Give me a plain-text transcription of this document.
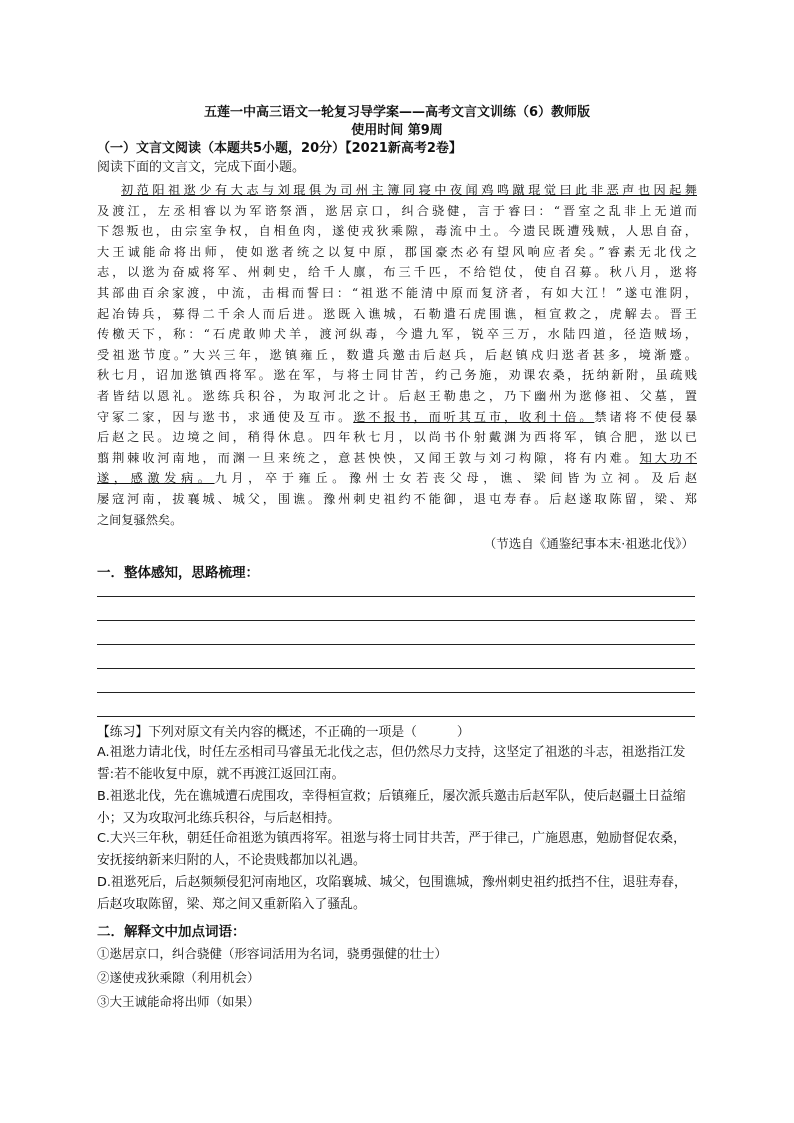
五莲一中高三语文一轮复习导学案——高考文言文训练（6）教师版
使用时间 第9周
（一）文言文阅读（本题共5小题，20分）【2021新高考2卷】
阅读下面的文言文，完成下面小题。
初范阳祖逖少有大志与刘琨俱为司州主簿同寝中夜闻鸡鸣蹴琨觉曰此非恶声也因起舞
及渡江，左丞相睿以为军谘祭酒，逖居京口，纠合骁健，言于睿曰：“晋室之乱非上无道而
下怨叛也，由宗室争权，自相鱼肉，遂使戎狄乘隙，毒流中土。今遗民既遭残贼，人思自奋，
大王诚能命将出师，使如逖者统之以复中原，郡国豪杰必有望风响应者矣。”睿素无北伐之
志，以逖为奋威将军、州刺史，给千人廪，布三千匹，不给铠仗，使自召募。秋八月，逖将
其部曲百余家渡，中流，击楫而誓曰：“祖逖不能清中原而复济者，有如大江！”遂屯淮阴，
起冶铸兵，募得二千余人而后进。逖既入谯城，石勒遣石虎围谯，桓宣救之，虎解去。晋王
传檄天下，称：“石虎敢帅犬羊，渡河纵毒，今遣九军，锐卒三万，水陆四道，径造贼场，
受祖逖节度。”大兴三年，逖镇雍丘，数遣兵邀击后赵兵，后赵镇戍归逖者甚多，境渐蹙。
秋七月，诏加逖镇西将军。逖在军，与将士同甘苦，约己务施，劝课农桑，抚纳新附，虽疏贱
者皆结以恩礼。逖练兵积谷，为取河北之计。后赵王勒患之，乃下幽州为逖修祖、父墓，置
守冢二家，因与逖书，求通使及互市。逖不报书，而听其互市，收利十倍。禁诸将不使侵暴
后赵之民。边境之间，稍得休息。四年秋七月，以尚书仆射戴渊为西将军，镇合肥，逖以已
翦荆棘收河南地，而渊一旦来统之，意甚怏怏，又闻王敦与刘刁构隙，将有内难。知大功不
遂，感激发病。九月，卒于雍丘。豫州士女若丧父母，谯、梁间皆为立祠。及后赵
屡寇河南，拔襄城、城父，围谯。豫州刺史祖约不能御，退屯寿春。后赵遂取陈留，梁、郑
之间复骚然矣。
（节选自《通鉴纪事本末·祖逖北伐》）
一．整体感知，思路梳理：
【练习】下列对原文有关内容的概述，不正确的一项是（	）
A.祖逖力请北伐，时任左丞相司马睿虽无北伐之志，但仍然尽力支持，这坚定了祖逖的斗志，祖逖指江发誓:若不能收复中原，就不再渡江返回江南。
B.祖逖北伐，先在谯城遭石虎围攻，幸得桓宣救；后镇雍丘，屡次派兵邀击后赵军队，使后赵疆土日益缩小；又为攻取河北练兵积谷，与后赵相持。
C.大兴三年秋，朝廷任命祖逖为镇西将军。祖逖与将士同甘共苦，严于律己，广施恩惠，勉励督促农桑，安抚接纳新来归附的人，不论贵贱都加以礼遇。
D.祖逖死后，后赵频频侵犯河南地区，攻陷襄城、城父，包围谯城，豫州刺史祖约抵挡不住，退驻寿春，后赵攻取陈留，梁、郑之间又重新陷入了骚乱。
二．解释文中加点词语：
①逖居京口，纠合骁健（形容词活用为名词，骁勇强健的壮士）
②遂使戎狄乘隙（利用机会）
③大王诚能命将出师（如果）
